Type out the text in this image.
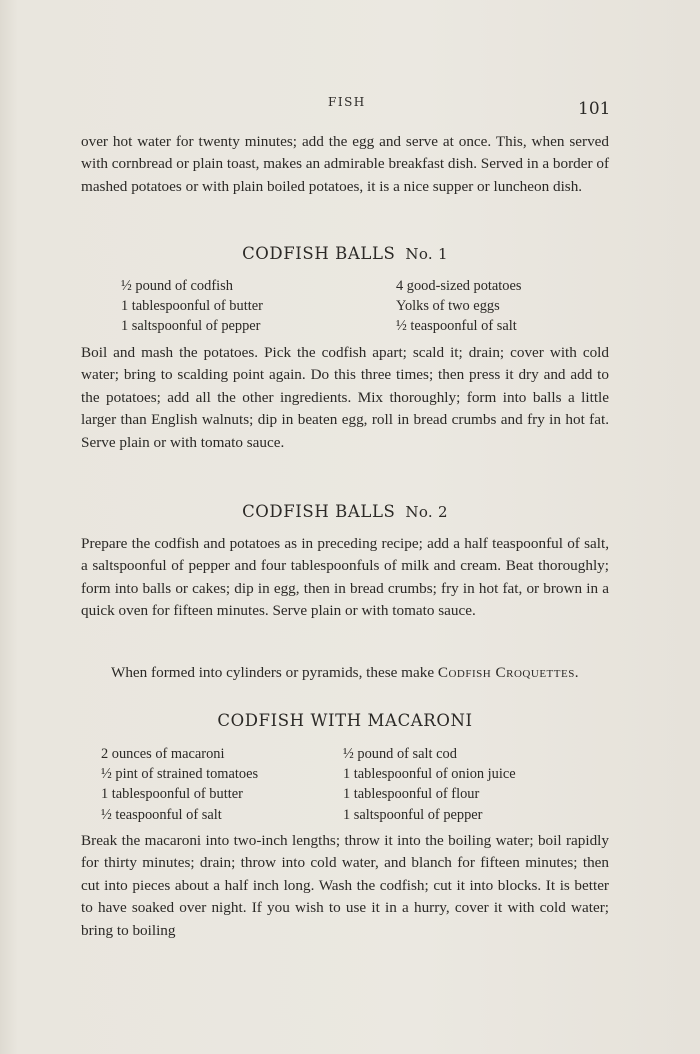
FISH	101

over hot water for twenty minutes; add the egg and serve at once. This, when served with cornbread or plain toast, makes an admirable breakfast dish. Served in a border of mashed potatoes or with plain boiled potatoes, it is a nice supper or luncheon dish.

CODFISH BALLS No. 1
½ pound of codfish
1 tablespoonful of butter
1 saltspoonful of pepper
4 good-sized potatoes
Yolks of two eggs
½ teaspoonful of salt

Boil and mash the potatoes. Pick the codfish apart; scald it; drain; cover with cold water; bring to scalding point again. Do this three times; then press it dry and add to the potatoes; add all the other ingredients. Mix thoroughly; form into balls a little larger than English walnuts; dip in beaten egg, roll in bread crumbs and fry in hot fat. Serve plain or with tomato sauce.

CODFISH BALLS No. 2

Prepare the codfish and potatoes as in preceding recipe; add a half teaspoonful of salt, a saltspoonful of pepper and four tablespoonfuls of milk and cream. Beat thoroughly; form into balls or cakes; dip in egg, then in bread crumbs; fry in hot fat, or brown in a quick oven for fifteen minutes. Serve plain or with tomato sauce.

When formed into cylinders or pyramids, these make Codfish Croquettes.

CODFISH WITH MACARONI
2 ounces of macaroni
½ pint of strained tomatoes
1 tablespoonful of butter
½ teaspoonful of salt
½ pound of salt cod
1 tablespoonful of onion juice
1 tablespoonful of flour
1 saltspoonful of pepper

Break the macaroni into two-inch lengths; throw it into the boiling water; boil rapidly for thirty minutes; drain; throw into cold water, and blanch for fifteen minutes; then cut into pieces about a half inch long. Wash the codfish; cut it into blocks. It is better to have soaked over night. If you wish to use it in a hurry, cover it with cold water; bring to boiling
